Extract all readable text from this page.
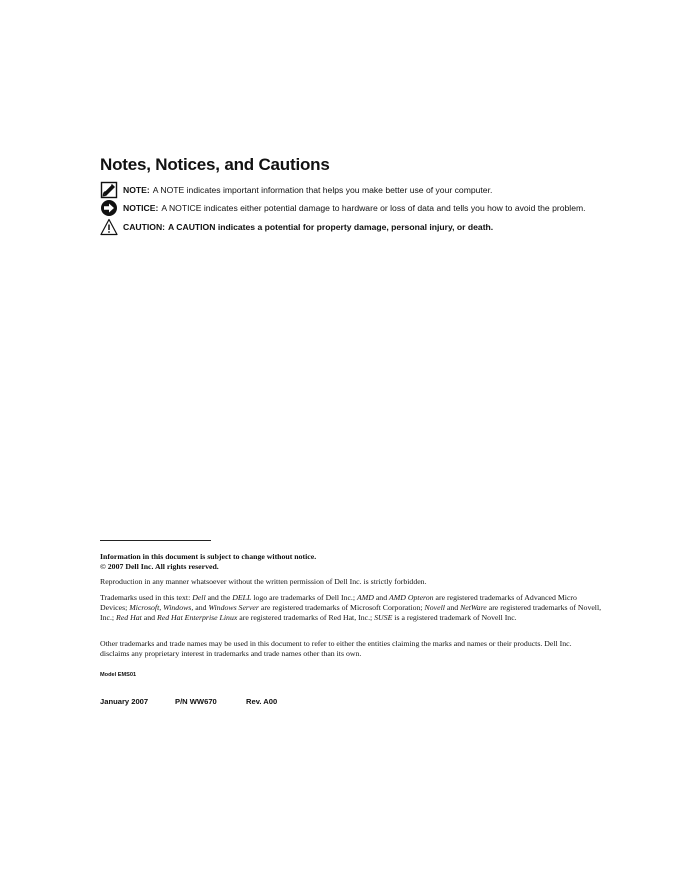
Notes, Notices, and Cautions
NOTE: A NOTE indicates important information that helps you make better use of your computer.
NOTICE: A NOTICE indicates either potential damage to hardware or loss of data and tells you how to avoid the problem.
CAUTION: A CAUTION indicates a potential for property damage, personal injury, or death.
Information in this document is subject to change without notice.
© 2007 Dell Inc. All rights reserved.
Reproduction in any manner whatsoever without the written permission of Dell Inc. is strictly forbidden.
Trademarks used in this text: Dell and the DELL logo are trademarks of Dell Inc.; AMD and AMD Opteron are registered trademarks of Advanced Micro Devices; Microsoft, Windows, and Windows Server are registered trademarks of Microsoft Corporation; Novell and NetWare are registered trademarks of Novell, Inc.; Red Hat and Red Hat Enterprise Linux are registered trademarks of Red Hat, Inc.; SUSE is a registered trademark of Novell Inc.
Other trademarks and trade names may be used in this document to refer to either the entities claiming the marks and names or their products. Dell Inc. disclaims any proprietary interest in trademarks and trade names other than its own.
Model EMS01
January 2007	P/N WW670	Rev. A00
